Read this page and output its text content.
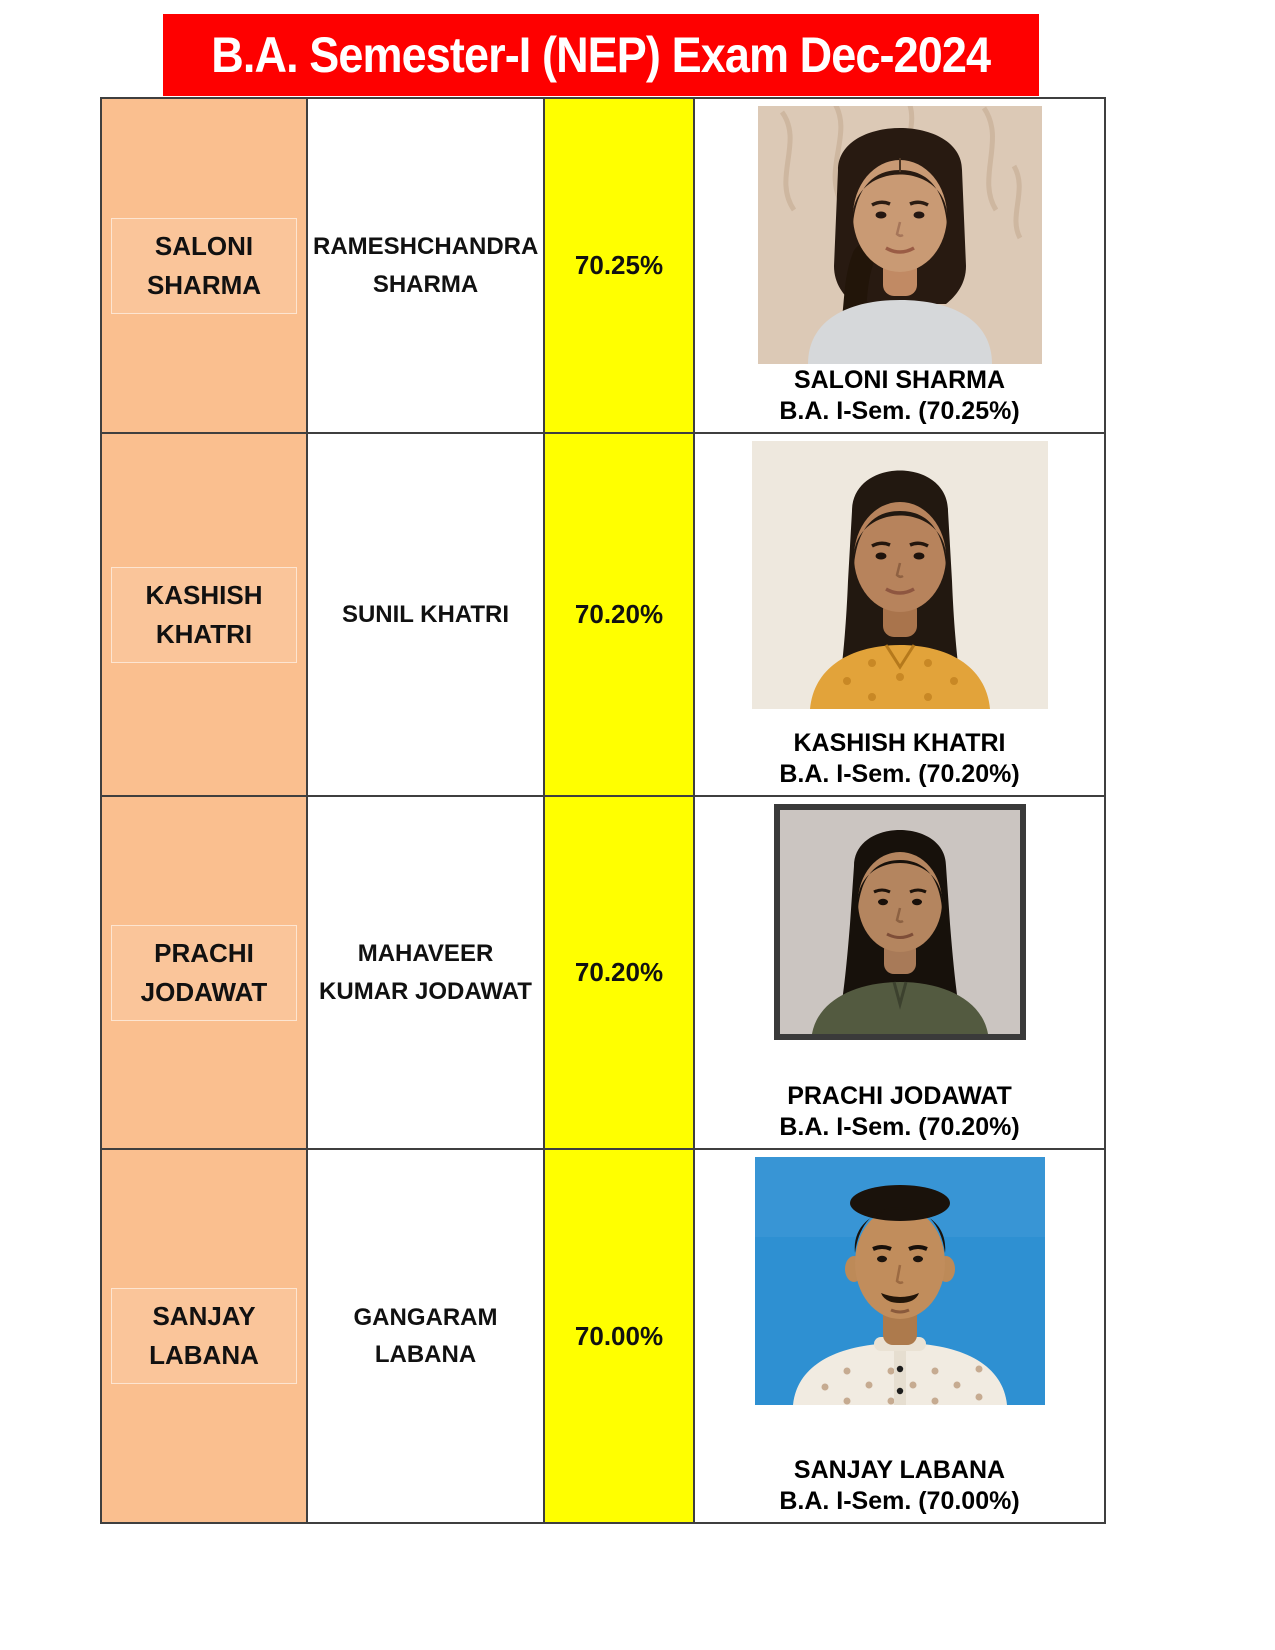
B.A. Semester-I (NEP) Exam Dec-2024
SALONI SHARMA
RAMESHCHANDRA SHARMA
70.25%
SALONI SHARMA
B.A. I-Sem. (70.25%)
KASHISH KHATRI
SUNIL KHATRI	70.20%
KASHISH KHATRI
B.A. I-Sem. (70.20%)
PRACHI JODAWAT
MAHAVEER KUMAR JODAWAT
70.20%
PRACHI JODAWAT
B.A. I-Sem. (70.20%)
SANJAY LABANA
GANGARAM LABANA
70.00%
SANJAY LABANA
B.A. I-Sem. (70.00%)
